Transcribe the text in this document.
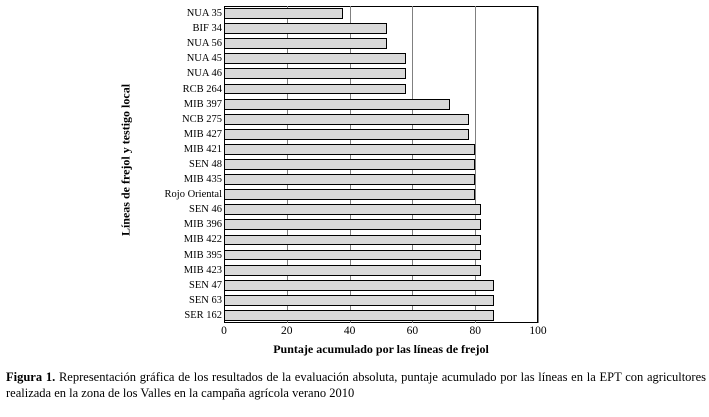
NUA 35
BIF 34
NUA 56
NUA 45
NUA 46
RCB 264
MIB 397
NCB 275
MIB 427
MIB 421
SEN 48
MIB 435
Rojo Oriental
SEN 46
MIB 396
MIB 422
MIB 395
MIB 423
SEN 47
SEN 63
SER 162
0	20	40	60	80	100
Líneas de frejol y testigo local
Puntaje acumulado por las líneas de frejol
Figura 1. Representación gráfica de los resultados de la evaluación absoluta, puntaje acumulado por las líneas en la EPT con agricultores realizada en la zona de los Valles en la campaña agrícola verano 2010
